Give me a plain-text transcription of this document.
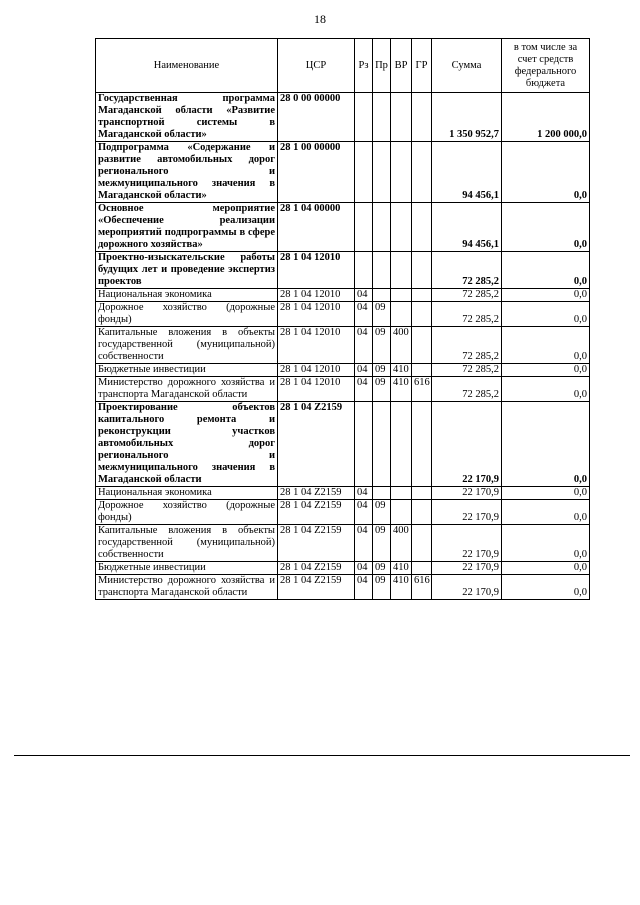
18
Наименование	ЦСР	Рз	Пр	ВР	ГР	Сумма	в том числе за счет средств федерального бюджета
Государственная программа Магаданской области «Развитие транспортной системы в Магаданской области»	28 0 00 00000					1 350 952,7	1 200 000,0
Подпрограмма «Содержание и развитие автомобильных дорог регионального и межмуниципального значения в Магаданской области»	28 1 00 00000					94 456,1	0,0
Основное мероприятие «Обеспечение реализации мероприятий подпрограммы в сфере дорожного хозяйства»	28 1 04 00000					94 456,1	0,0
Проектно-изыскательские работы будущих лет и проведение экспертиз проектов	28 1 04 12010					72 285,2	0,0
Национальная экономика	28 1 04 12010	04				72 285,2	0,0
Дорожное хозяйство (дорожные фонды)	28 1 04 12010	04	09			72 285,2	0,0
Капитальные вложения в объекты государственной (муниципальной) собственности	28 1 04 12010	04	09	400		72 285,2	0,0
Бюджетные инвестиции	28 1 04 12010	04	09	410		72 285,2	0,0
Министерство дорожного хозяйства и транспорта Магаданской области	28 1 04 12010	04	09	410	616	72 285,2	0,0
Проектирование объектов капитального ремонта и реконструкции участков автомобильных дорог регионального и межмуниципального значения в Магаданской области	28 1 04 Z2159					22 170,9	0,0
Национальная экономика	28 1 04 Z2159	04				22 170,9	0,0
Дорожное хозяйство (дорожные фонды)	28 1 04 Z2159	04	09			22 170,9	0,0
Капитальные вложения в объекты государственной (муниципальной) собственности	28 1 04 Z2159	04	09	400		22 170,9	0,0
Бюджетные инвестиции	28 1 04 Z2159	04	09	410		22 170,9	0,0
Министерство дорожного хозяйства и транспорта Магаданской области	28 1 04 Z2159	04	09	410	616	22 170,9	0,0
